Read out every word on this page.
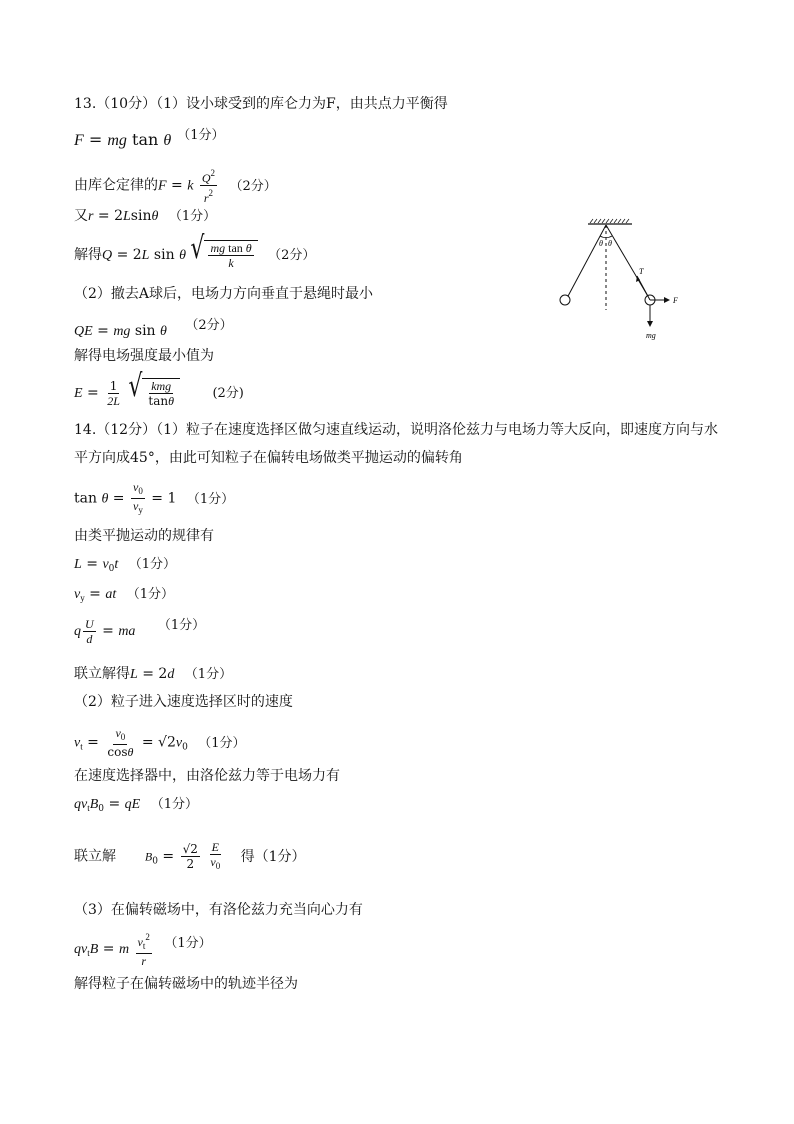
13.（10分）（1）设小球受到的库仑力为F，由共点力平衡得
F = mg tan θ $^{(1分)}$
由库仑定律的F = k $\frac{Q^2}{r^2} (2$分）
又r = 2Lsinθ （1分）
解得Q = 2L sin θ √ $\frac{\text{mg tan θ}}{k} (2$分）
（2）撤去A球后，电场力方向垂直于悬绳时最小
QE = mg sin θ （2分）
解得电场强度最小值为
$E = \frac{1}{2L}$
√ $\frac{\text{kmg}}{\tan\theta}$	(2分)
θ θ
T
F
mg
14.（12分）（1）粒子在速度选择区做匀速直线运动，说明洛伦兹力与电场力等大反向，即速度方向与水
平方向成45°，由此可知粒子在偏转电场做类平抛运动的偏转角
$\tan \theta = \frac{v_0}{v_y} = 1$ （1分）
由类平抛运动的规律有
$L = v_0t$ （1分）
$v_y$ = at （1分）
q $\frac{U}{d}$ = ma （1分）
联立解得L = 2d （1分）
（2）粒子进入速度选择区时的速度
$v_t = \frac{v_0}{\cos\theta} = √2v_0$ （1分）
在速度选择器中，由洛伦兹力等于电场力有
$qv_tB_0$ = qE （1分）
联立解 $B_0 = \frac{√2}{2}$
$\frac{E}{v_0}$ 得（1分）
（3）在偏转磁场中，有洛伦兹力充当向心力有
$qv_tB = m \frac{v_t^2}{r} (1$分）
解得粒子在偏转磁场中的轨迹半径为
